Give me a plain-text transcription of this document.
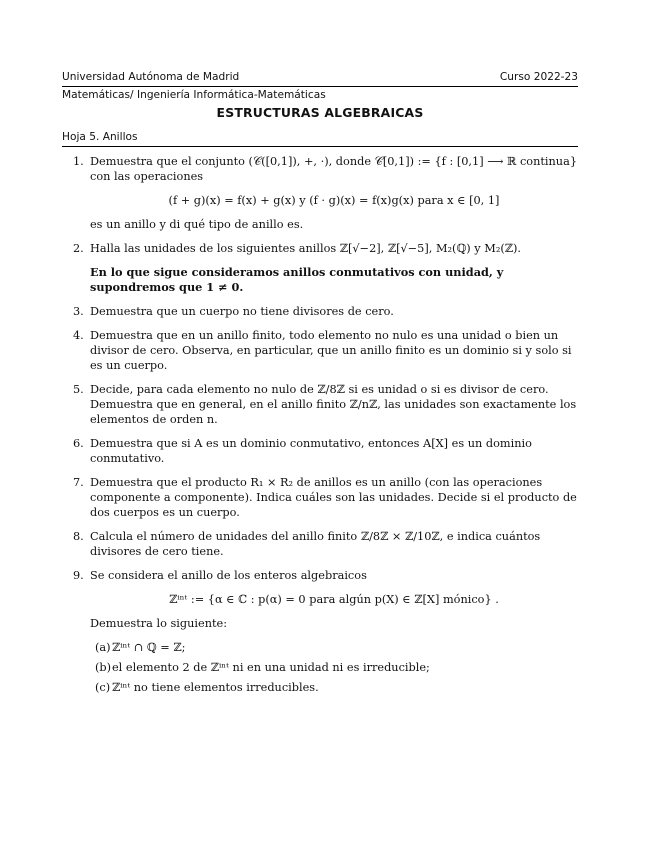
Universidad Autónoma de Madrid	Curso 2022-23
Matemáticas/ Ingeniería Informática-Matemáticas
ESTRUCTURAS ALGEBRAICAS
Hoja 5. Anillos
1. Demuestra que el conjunto (𝒞([0,1]), +, ·), donde 𝒞[0,1]) := {f : [0,1] ⟶ ℝ continua} con las operaciones
(f + g)(x) = f(x) + g(x) y (f · g)(x) = f(x)g(x) para x ∈ [0, 1]
es un anillo y di qué tipo de anillo es.
2. Halla las unidades de los siguientes anillos ℤ[√−2], ℤ[√−5], M₂(ℚ) y M₂(ℤ).
En lo que sigue consideramos anillos conmutativos con unidad, y supondremos que 1 ≠ 0.
3. Demuestra que un cuerpo no tiene divisores de cero.
4. Demuestra que en un anillo finito, todo elemento no nulo es una unidad o bien un divisor de cero. Observa, en particular, que un anillo finito es un dominio si y solo si es un cuerpo.
5. Decide, para cada elemento no nulo de ℤ/8ℤ si es unidad o si es divisor de cero. Demuestra que en general, en el anillo finito ℤ/nℤ, las unidades son exactamente los elementos de orden n.
6. Demuestra que si A es un dominio conmutativo, entonces A[X] es un dominio conmutativo.
7. Demuestra que el producto R₁ × R₂ de anillos es un anillo (con las operaciones componente a componente). Indica cuáles son las unidades. Decide si el producto de dos cuerpos es un cuerpo.
8. Calcula el número de unidades del anillo finito ℤ/8ℤ × ℤ/10ℤ, e indica cuántos divisores de cero tiene.
9. Se considera el anillo de los enteros algebraicos
ℤⁱⁿᵗ := {α ∈ ℂ : p(α) = 0 para algún p(X) ∈ ℤ[X] mónico} .
Demuestra lo siguiente:
(a) ℤⁱⁿᵗ ∩ ℚ = ℤ;
(b) el elemento 2 de ℤⁱⁿᵗ ni en una unidad ni es irreducible;
(c) ℤⁱⁿᵗ no tiene elementos irreducibles.
